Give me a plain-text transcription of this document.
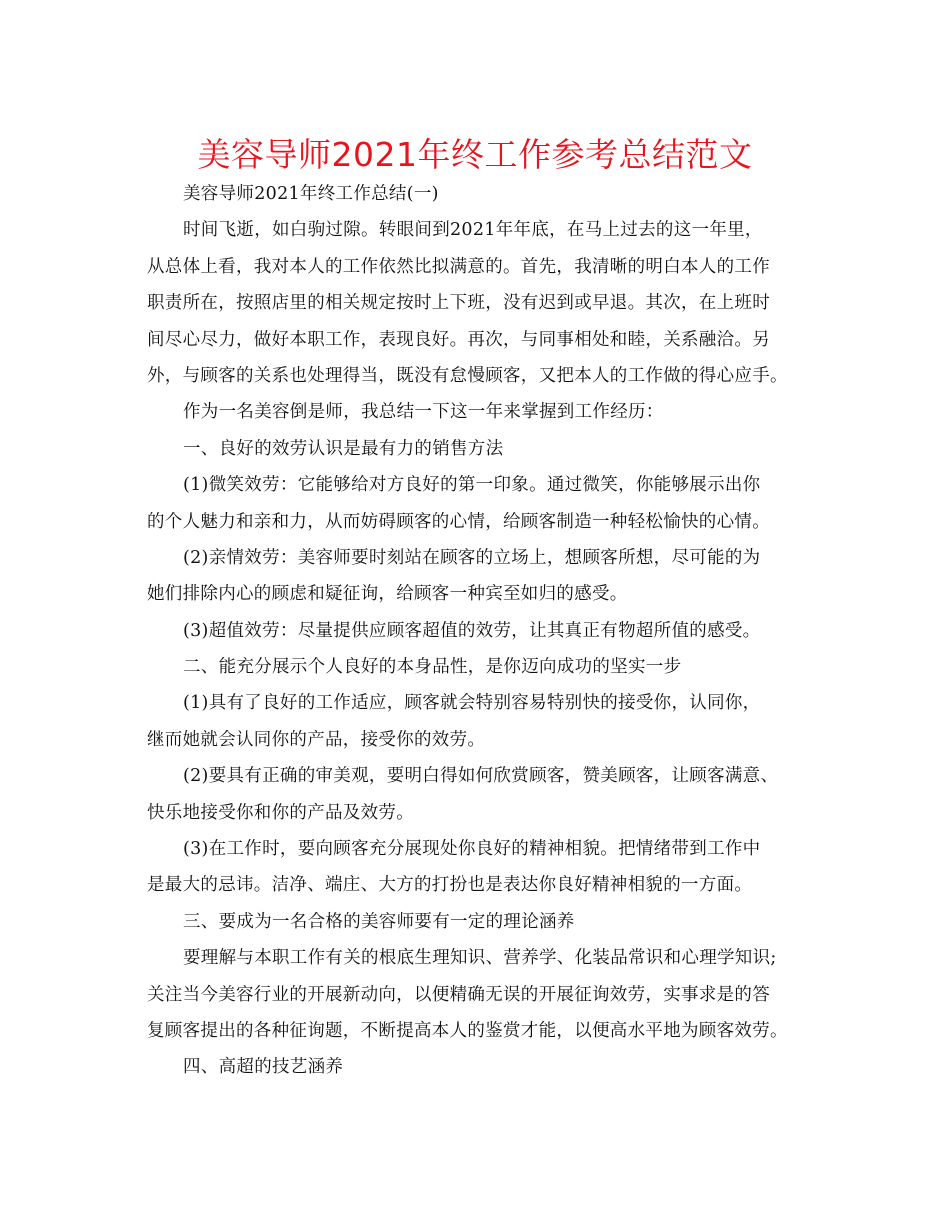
美容导师2021年终工作参考总结范文
美容导师2021年终工作总结(一)
时间飞逝，如白驹过隙。转眼间到2021年年底，在马上过去的这一年里，
从总体上看，我对本人的工作依然比拟满意的。首先，我清晰的明白本人的工作
职责所在，按照店里的相关规定按时上下班，没有迟到或早退。其次，在上班时
间尽心尽力，做好本职工作，表现良好。再次，与同事相处和睦，关系融洽。另
外，与顾客的关系也处理得当，既没有怠慢顾客，又把本人的工作做的得心应手。
作为一名美容倒是师，我总结一下这一年来掌握到工作经历：
一、良好的效劳认识是最有力的销售方法
(1)微笑效劳：它能够给对方良好的第一印象。通过微笑，你能够展示出你
的个人魅力和亲和力，从而妨碍顾客的心情，给顾客制造一种轻松愉快的心情。
(2)亲情效劳：美容师要时刻站在顾客的立场上，想顾客所想，尽可能的为
她们排除内心的顾虑和疑征询，给顾客一种宾至如归的感受。
(3)超值效劳：尽量提供应顾客超值的效劳，让其真正有物超所值的感受。
二、能充分展示个人良好的本身品性，是你迈向成功的坚实一步
(1)具有了良好的工作适应，顾客就会特别容易特别快的接受你，认同你，
继而她就会认同你的产品，接受你的效劳。
(2)要具有正确的审美观，要明白得如何欣赏顾客，赞美顾客，让顾客满意、
快乐地接受你和你的产品及效劳。
(3)在工作时，要向顾客充分展现处你良好的精神相貌。把情绪带到工作中
是最大的忌讳。洁净、端庄、大方的打扮也是表达你良好精神相貌的一方面。
三、要成为一名合格的美容师要有一定的理论涵养
要理解与本职工作有关的根底生理知识、营养学、化装品常识和心理学知识;
关注当今美容行业的开展新动向，以便精确无误的开展征询效劳，实事求是的答
复顾客提出的各种征询题，不断提高本人的鉴赏才能，以便高水平地为顾客效劳。
四、高超的技艺涵养
